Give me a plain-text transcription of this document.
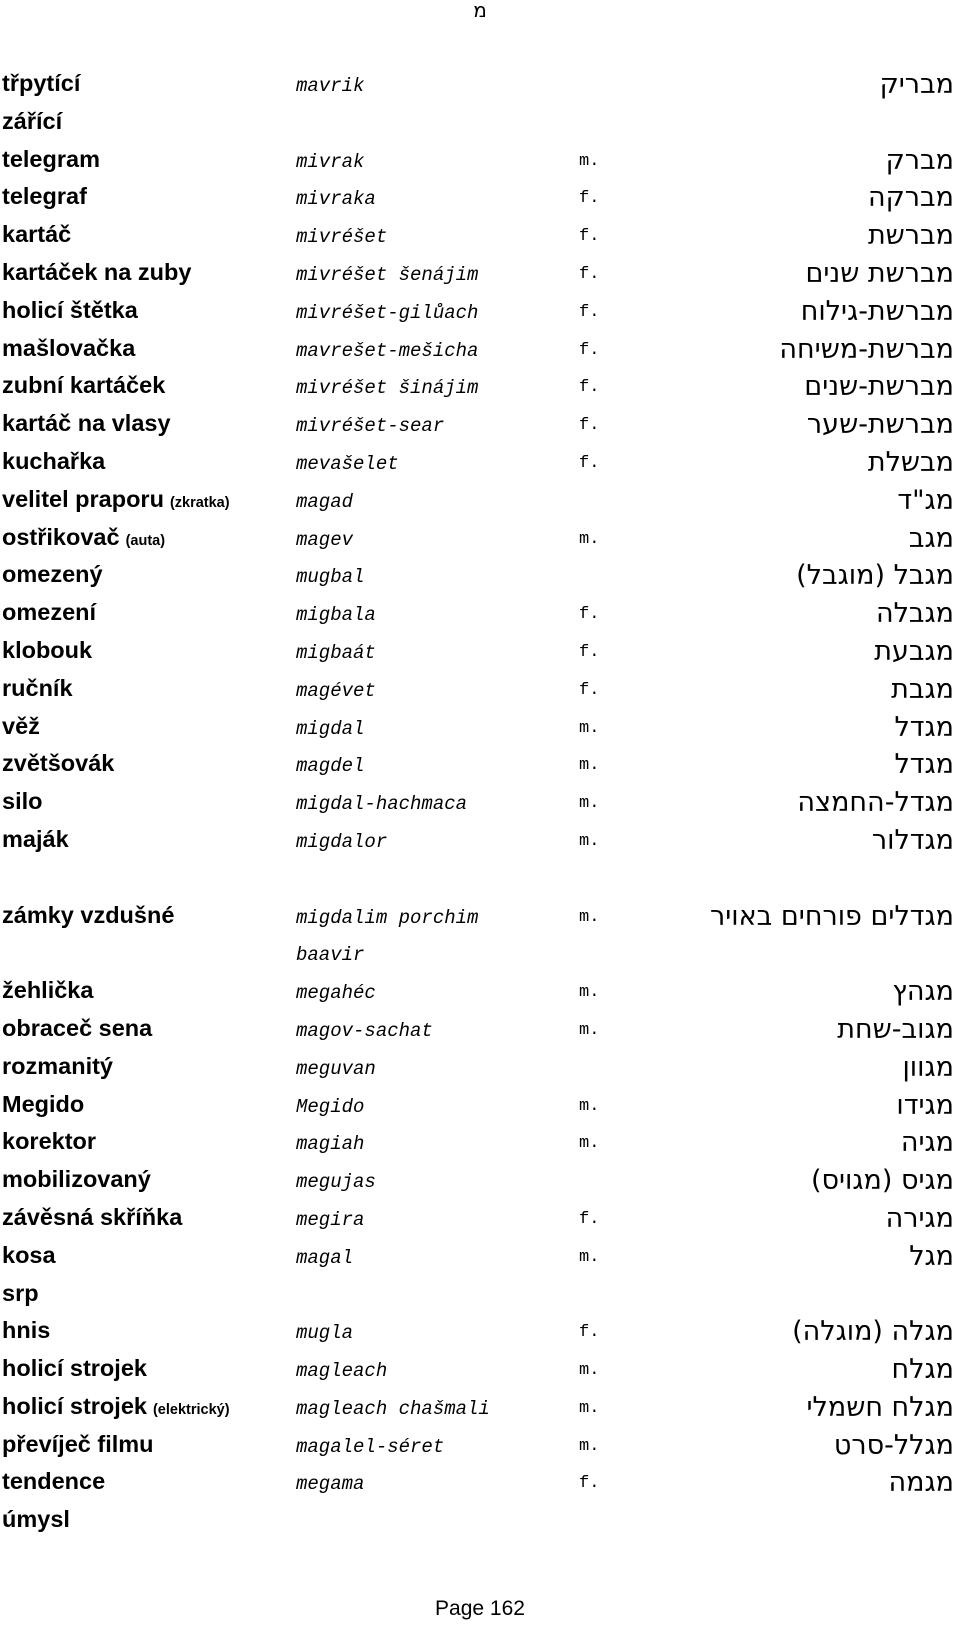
מ
třpytící	mavrik	מבריק
zářící
telegram	mivrak	m.	מברק
telegraf	mivraka	f.	מברקה
kartáč	mivréšet	f.	מברשת
kartáček na zuby	mivréšet šenájim	f.	מברשת שנים
holicí štětka	mivréšet-gilůach	f.	מברשת-גילוח
mašlovačka	mavrešet-mešicha	f.	מברשת-משיחה
zubní kartáček	mivréšet šinájim	f.	מברשת-שנים
kartáč na vlasy	mivréšet-sear	f.	מברשת-שער
kuchařka	mevašelet	f.	מבשלת
velitel praporu (zkratka)	magad	מג"ד
ostřikovač (auta)	magev	m.	מגב
omezený	mugbal	מגבל (מוגבל)
omezení	migbala	f.	מגבלה
klobouk	migbaát	f.	מגבעת
ručník	magévet	f.	מגבת
věž	migdal	m.	מגדל
zvětšovák	magdel	m.	מגדל
silo	migdal-hachmaca	m.	מגדל-החמצה
maják	migdalor	m.	מגדלור
zámky vzdušné	migdalim porchim	m.	מגדלים פורחים באויר
baavir
žehlička	megahéc	m.	מגהץ
obraceč sena	magov-sachat	m.	מגוב-שחת
rozmanitý	meguvan	מגוון
Megido	Megido	m.	מגידו
korektor	magiah	m.	מגיה
mobilizovaný	megujas	מגיס (מגויס)
závěsná skříňka	megira	f.	מגירה
kosa	magal	m.	מגל
srp
hnis	mugla	f.	מגלה (מוגלה)
holicí strojek	magleach	m.	מגלח
holicí strojek (elektrický)	magleach chašmali	m.	מגלח חשמלי
převíječ filmu	magalel-séret	m.	מגלל-סרט
tendence	megama	f.	מגמה
úmysl
Page 162
